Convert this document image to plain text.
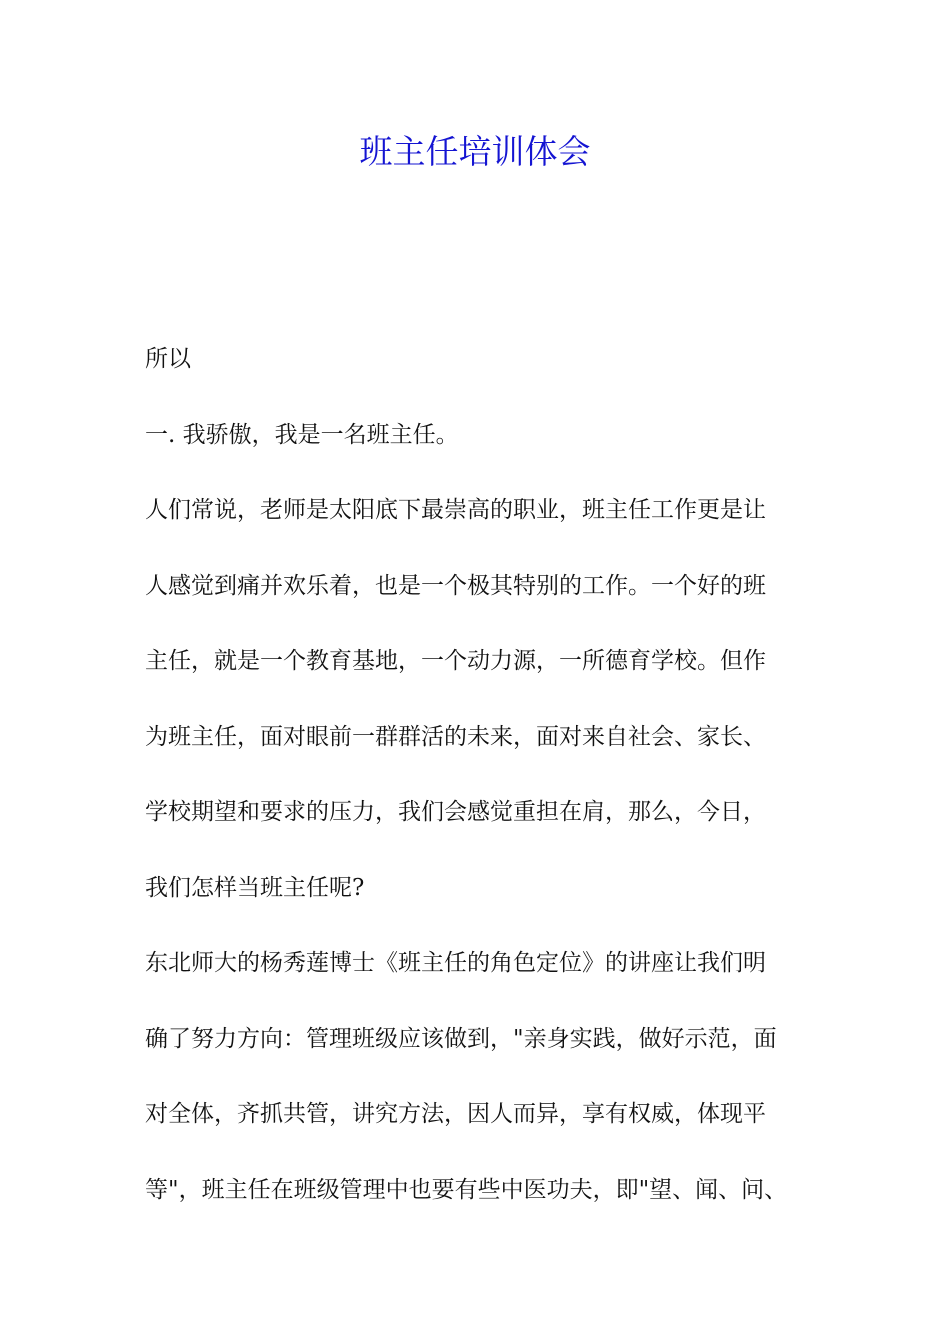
班主任培训体会
所以
一. 我骄傲，我是一名班主任。
人们常说，老师是太阳底下最崇高的职业，班主任工作更是让
人感觉到痛并欢乐着，也是一个极其特别的工作。一个好的班
主任，就是一个教育基地，一个动力源，一所德育学校。但作
为班主任，面对眼前一群群活的未来，面对来自社会、家长、
学校期望和要求的压力，我们会感觉重担在肩，那么，今日，
我们怎样当班主任呢?
东北师大的杨秀莲博士《班主任的角色定位》的讲座让我们明
确了努力方向：管理班级应该做到，"亲身实践，做好示范，面
对全体，齐抓共管，讲究方法，因人而异，享有权威，体现平
等"，班主任在班级管理中也要有些中医功夫，即"望、闻、问、
